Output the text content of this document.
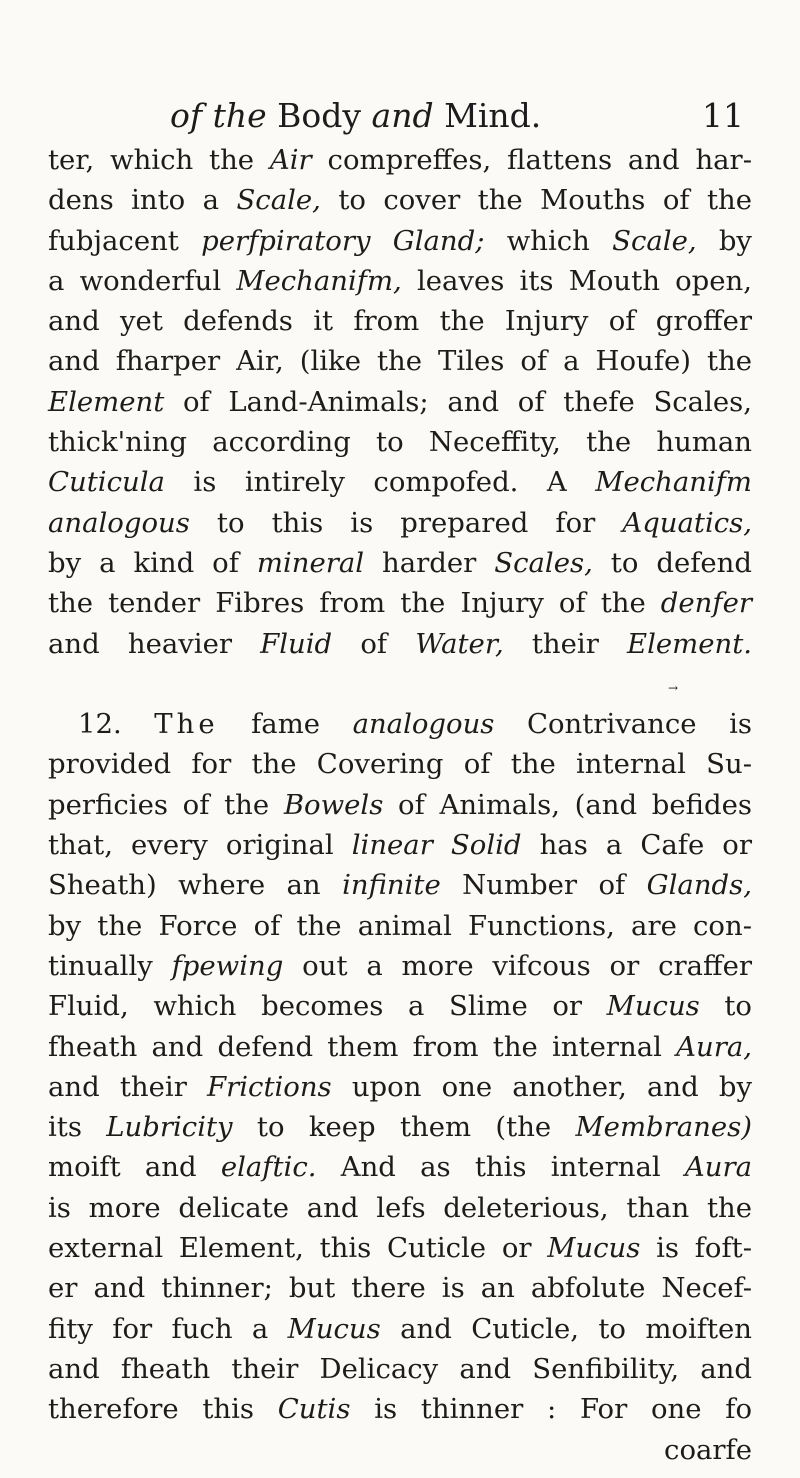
of the Body and Mind.	11
ter, which the Air compreffes, flattens and har-
dens into a Scale, to cover the Mouths of the
fubjacent perfpiratory Gland; which Scale, by
a wonderful Mechanifm, leaves its Mouth open,
and yet defends it from the Injury of groffer
and fharper Air, (like the Tiles of a Houfe) the
Element of Land-Animals; and of thefe Scales,
thick'ning according to Neceffity, the human
Cuticula is intirely compofed. A Mechanifm
analogous to this is prepared for Aquatics,
by a kind of mineral harder Scales, to defend
the tender Fibres from the Injury of the denfer
and heavier Fluid of Water, their Element.
→
12. The fame analogous Contrivance is
provided for the Covering of the internal Su-
perficies of the Bowels of Animals, (and befides
that, every original linear Solid has a Cafe or
Sheath) where an infinite Number of Glands,
by the Force of the animal Functions, are con-
tinually fpewing out a more vifcous or craffer
Fluid, which becomes a Slime or Mucus to
fheath and defend them from the internal Aura,
and their Frictions upon one another, and by
its Lubricity to keep them (the Membranes)
moift and elaftic. And as this internal Aura
is more delicate and lefs deleterious, than the
external Element, this Cuticle or Mucus is foft-
er and thinner; but there is an abfolute Necef-
fity for fuch a Mucus and Cuticle, to moiften
and fheath their Delicacy and Senfibility, and
therefore this Cutis is thinner : For one fo
coarfe
